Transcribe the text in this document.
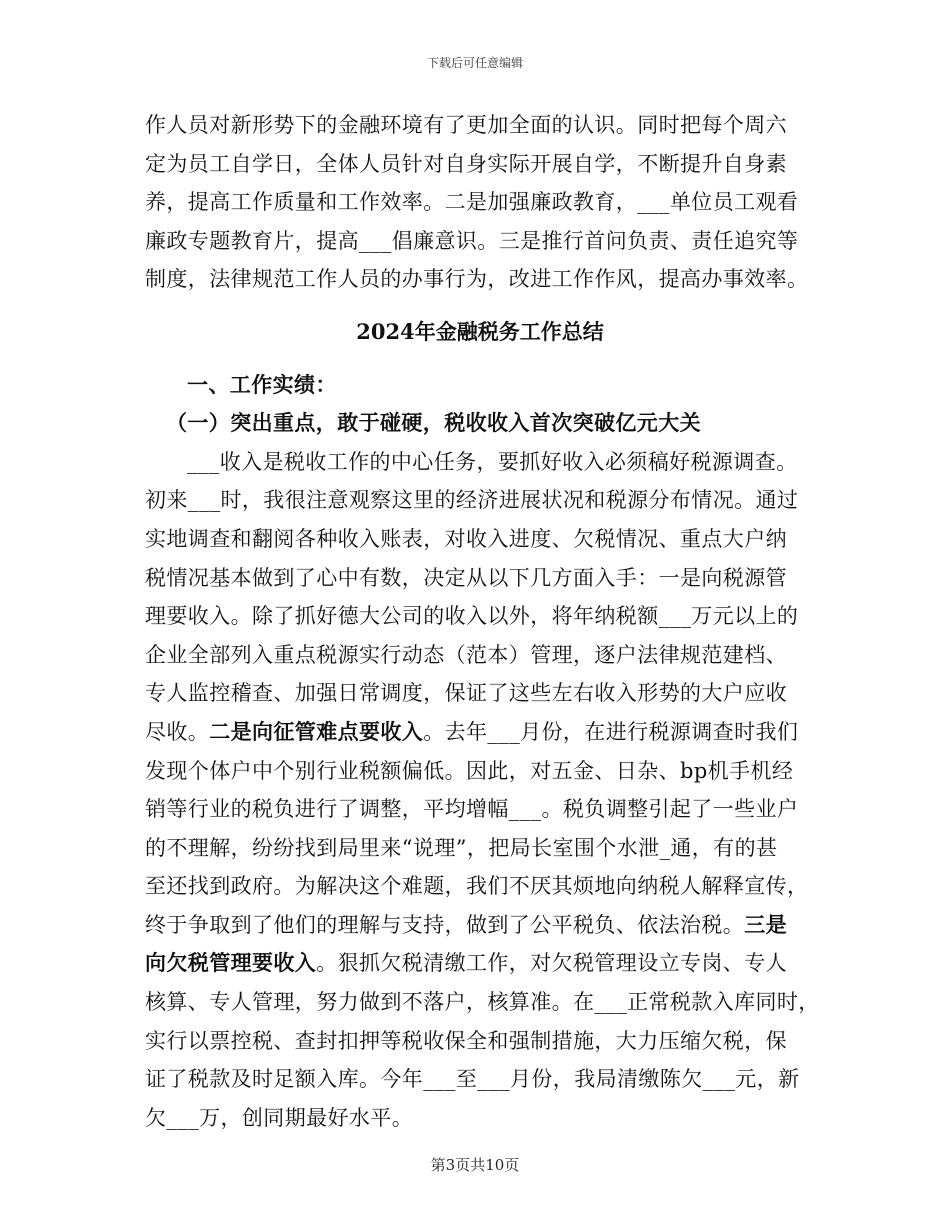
下载后可任意编辑
作人员对新形势下的金融环境有了更加全面的认识。同时把每个周六
定为员工自学日，全体人员针对自身实际开展自学，不断提升自身素
养，提高工作质量和工作效率。二是加强廉政教育，___单位员工观看
廉政专题教育片，提高___倡廉意识。三是推行首问负责、责任追究等
制度，法律规范工作人员的办事行为，改进工作作风，提高办事效率。
2024年金融税务工作总结
一、工作实绩：
（一）突出重点，敢于碰硬，税收收入首次突破亿元大关
___收入是税收工作的中心任务，要抓好收入必须稿好税源调查。
初来___时，我很注意观察这里的经济进展状况和税源分布情况。通过
实地调查和翻阅各种收入账表，对收入进度、欠税情况、重点大户纳
税情况基本做到了心中有数，决定从以下几方面入手：一是向税源管
理要收入。除了抓好德大公司的收入以外，将年纳税额___万元以上的
企业全部列入重点税源实行动态（范本）管理，逐户法律规范建档、
专人监控稽查、加强日常调度，保证了这些左右收入形势的大户应收
尽收。二是向征管难点要收入。去年___月份，在进行税源调查时我们
发现个体户中个别行业税额偏低。因此，对五金、日杂、bp机手机经
销等行业的税负进行了调整，平均增幅___。税负调整引起了一些业户
的不理解，纷纷找到局里来“说理”，把局长室围个水泄_通，有的甚
至还找到政府。为解决这个难题，我们不厌其烦地向纳税人解释宣传，
终于争取到了他们的理解与支持，做到了公平税负、依法治税。三是
向欠税管理要收入。狠抓欠税清缴工作，对欠税管理设立专岗、专人
核算、专人管理，努力做到不落户，核算准。在___正常税款入库同时，
实行以票控税、查封扣押等税收保全和强制措施，大力压缩欠税，保
证了税款及时足额入库。今年___至___月份，我局清缴陈欠___元，新
欠___万，创同期最好水平。
第3页共10页
